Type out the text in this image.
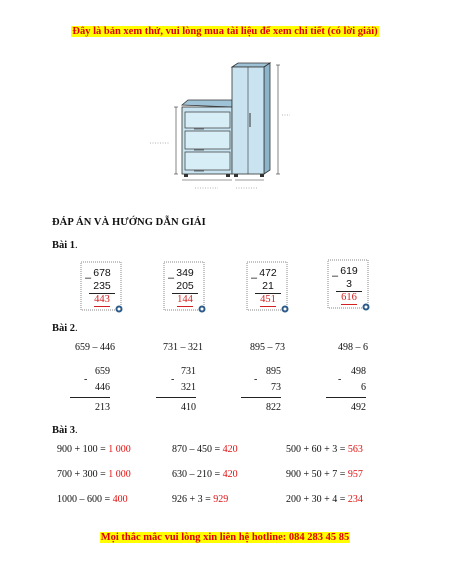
Đây là bản xem thử, vui lòng mua tài liệu để xem chi tiết (có lời giải)
ĐÁP ÁN VÀ HƯỚNG DẪN GIẢI
Bài 1.
678
–
235
443
349
–
205
144
472
–
21
451
619
–
3
616
Bài 2.
659 – 446	731 – 321	895 – 73	498 – 6
-
659
446
213
-
731
321
410
-
895
73
822
-
498
6
492
Bài 3.
900 + 100 = 1 000	870 – 450 = 420	500 + 60 + 3 = 563
700 + 300 = 1 000	630 – 210 = 420	900 + 50 + 7 = 957
1000 – 600 = 400	926 + 3 = 929	200 + 30 + 4 = 234
Mọi thắc mắc vui lòng xin liên hệ hotline: 084 283 45 85
